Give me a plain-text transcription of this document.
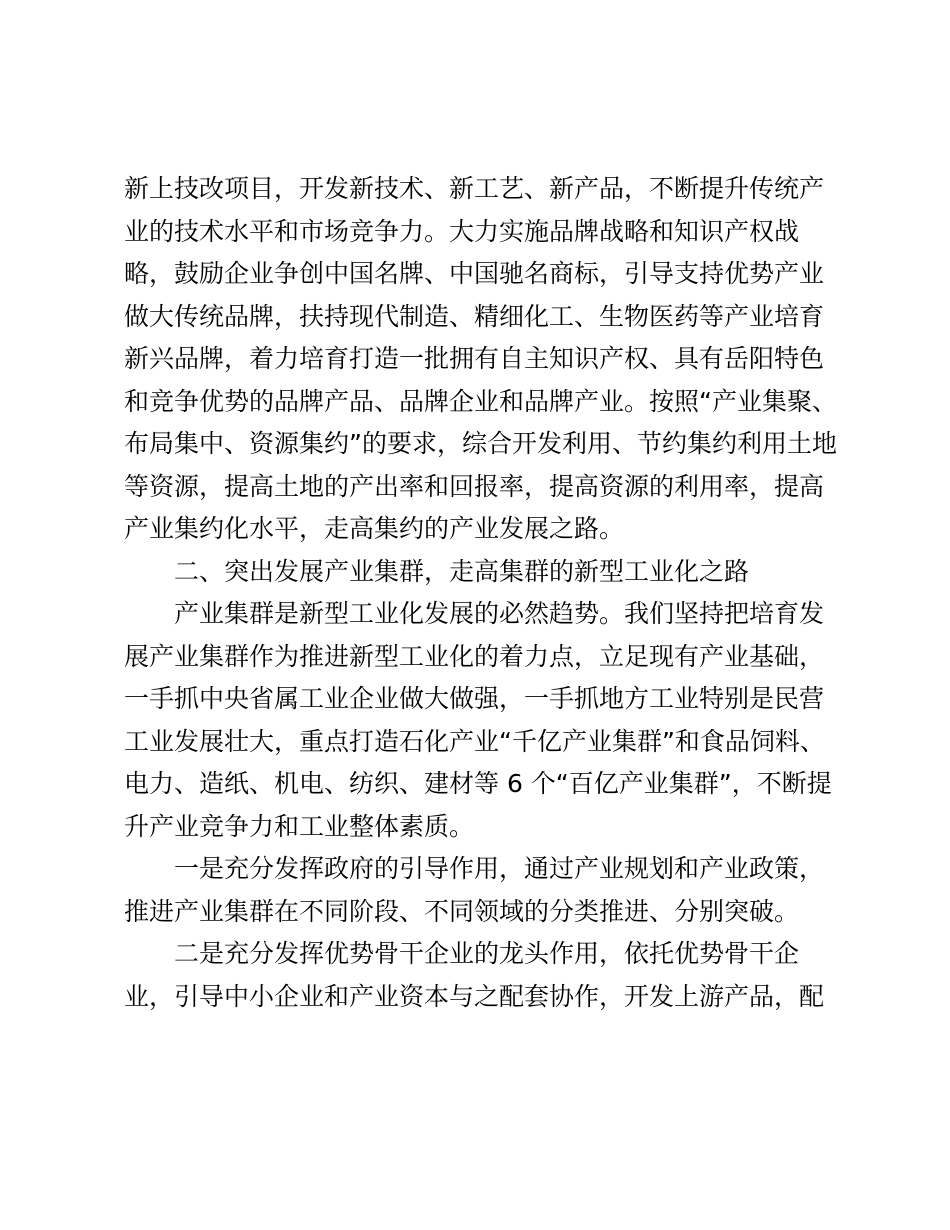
新上技改项目，开发新技术、新工艺、新产品，不断提升传统产
业的技术水平和市场竞争力。大力实施品牌战略和知识产权战
略，鼓励企业争创中国名牌、中国驰名商标，引导支持优势产业
做大传统品牌，扶持现代制造、精细化工、生物医药等产业培育
新兴品牌，着力培育打造一批拥有自主知识产权、具有岳阳特色
和竞争优势的品牌产品、品牌企业和品牌产业。按照“产业集聚、
布局集中、资源集约”的要求，综合开发利用、节约集约利用土地
等资源，提高土地的产出率和回报率，提高资源的利用率，提高
产业集约化水平，走高集约的产业发展之路。
二、突出发展产业集群，走高集群的新型工业化之路
产业集群是新型工业化发展的必然趋势。我们坚持把培育发
展产业集群作为推进新型工业化的着力点，立足现有产业基础，
一手抓中央省属工业企业做大做强，一手抓地方工业特别是民营
工业发展壮大，重点打造石化产业“千亿产业集群”和食品饲料、
电力、造纸、机电、纺织、建材等 6 个“百亿产业集群”，不断提
升产业竞争力和工业整体素质。
一是充分发挥政府的引导作用，通过产业规划和产业政策，
推进产业集群在不同阶段、不同领域的分类推进、分别突破。
二是充分发挥优势骨干企业的龙头作用，依托优势骨干企
业，引导中小企业和产业资本与之配套协作，开发上游产品，配
